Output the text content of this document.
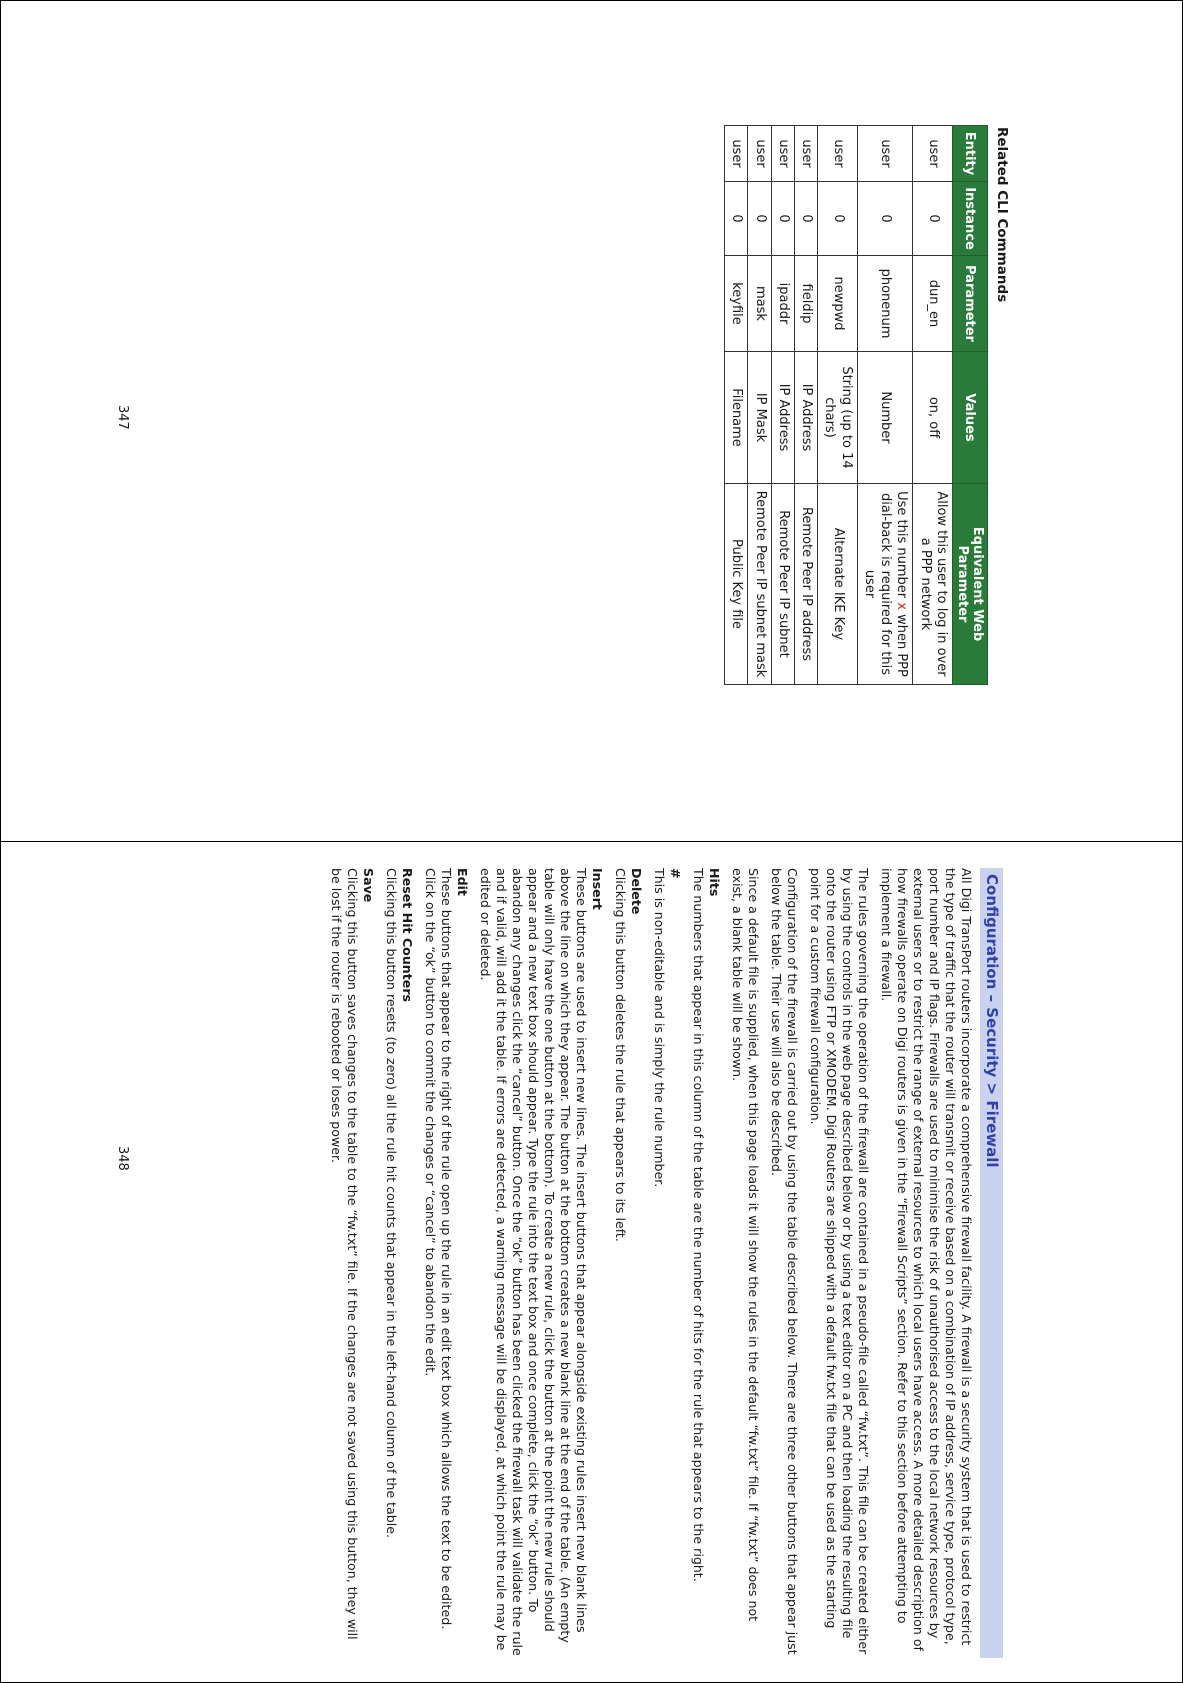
Related CLI Commands
Entity	Instance	Parameter	Values	Equivalent Web Parameter
user	0	dun_en	on, off	Allow this user to log in over a PPP network
user	0	phonenum	Number	Use this number x when PPP dial-back is required for this user
user	0	newpwd	String (up to 14 chars)	Alternate IKE Key
user	0	fieldip	IP Address	Remote Peer IP address
user	0	ipaddr	IP Address	Remote Peer IP subnet
user	0	mask	IP Mask	Remote Peer IP subnet mask
user	0	keyfile	Filename	Public Key file
347
Configuration – Security > Firewall

All Digi TransPort routers incorporate a comprehensive firewall facility. A firewall is a security system that is used to restrict the type of traffic that the router will transmit or receive based on a combination of IP address, service type, protocol type, port number and IP flags. Firewalls are used to minimise the risk of unauthorised access to the local network resources by external users or to restrict the range of external resources to which local users have access. A more detailed description of how firewalls operate on Digi routers is given in the “Firewall Scripts” section. Refer to this section before attempting to implement a firewall.

The rules governing the operation of the firewall are contained in a pseudo-file called “fw.txt”. This file can be created either by using the controls in the web page described below or by using a text editor on a PC and then loading the resulting file onto the router using FTP or XMODEM. Digi Routers are shipped with a default fw.txt file that can be used as the starting point for a custom firewall configuration.

Configuration of the firewall is carried out by using the table described below. There are three other buttons that appear just below the table. Their use will also be described.

Since a default file is supplied, when this page loads it will show the rules in the default “fw.txt” file. If “fw.txt” does not exist, a blank table will be shown.

Hits

The numbers that appear in this column of the table are the number of hits for the rule that appears to the right.

#

This is non-editable and is simply the rule number.

Delete

Clicking this button deletes the rule that appears to its left.

Insert

These buttons are used to insert new lines. The insert buttons that appear alongside existing rules insert new blank lines above the line on which they appear. The button at the bottom creates a new blank line at the end of the table. (An empty table will only have the one button at the bottom). To create a new rule, click the button at the point the new rule should appear and a new text box should appear. Type the rule into the text box and once complete, click the “ok” button. To abandon any changes click the “cancel” button. Once the “ok” button has been clicked the firewall task will validate the rule and if valid, will add it the table. If errors are detected, a warning message will be displayed, at which point the rule may be edited or deleted.

Edit

These buttons that appear to the right of the rule open up the rule in an edit text box which allows the text to be edited. Click on the “ok” button to commit the changes or “cancel” to abandon the edit.

Reset Hit Counters

Clicking this button resets (to zero) all the rule hit counts that appear in the left-hand column of the table.

Save

Clicking this button saves changes to the table to the “fw.txt” file. If the changes are not saved using this button, they will be lost if the router is rebooted or loses power.

348
